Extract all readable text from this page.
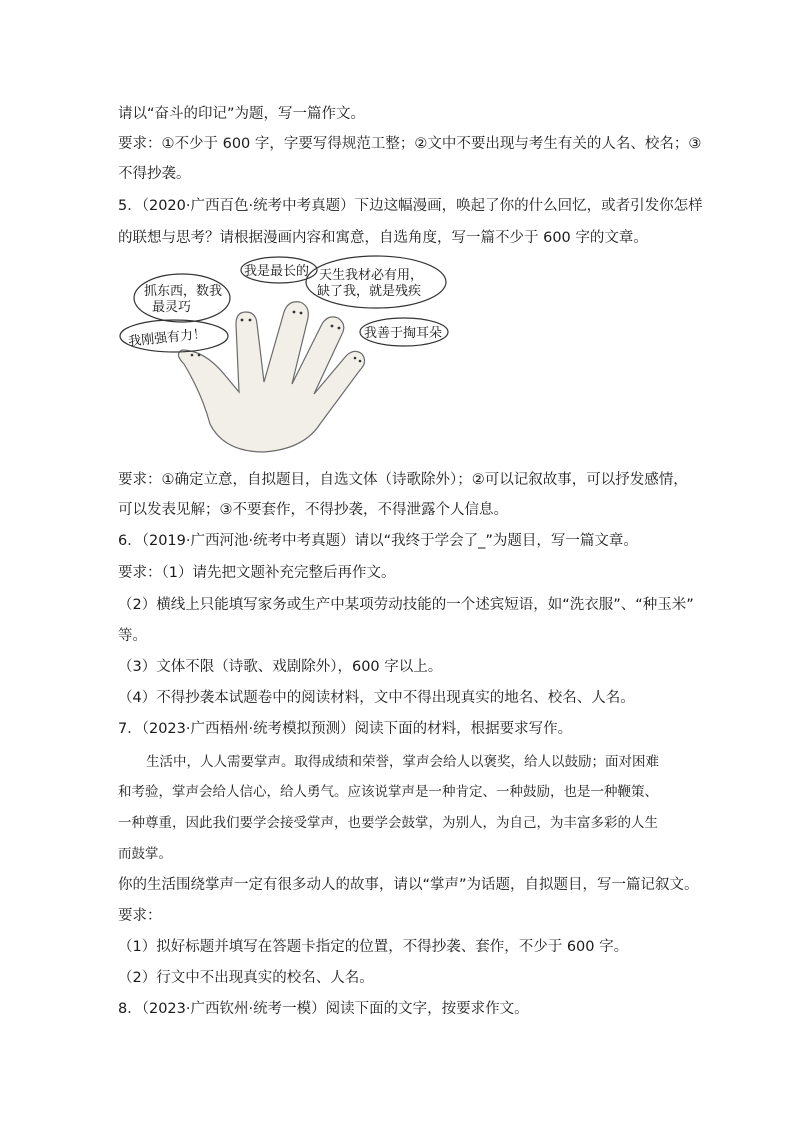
请以“奋斗的印记”为题，写一篇作文。
要求：①不少于 600 字，字要写得规范工整；②文中不要出现与考生有关的人名、校名；③
不得抄袭。
5．（2020·广西百色·统考中考真题）下边这幅漫画，唤起了你的什么回忆，或者引发你怎样
的联想与思考？请根据漫画内容和寓意，自选角度，写一篇不少于 600 字的文章。
抓东西，数我
最灵巧
我是最长的 天生我材必有用，
缺了我，就是残疾
我刚强有力！	我善于掏耳朵
要求：①确定立意，自拟题目，自选文体（诗歌除外）；②可以记叙故事，可以抒发感情，
可以发表见解；③不要套作，不得抄袭，不得泄露个人信息。
6．（2019·广西河池·统考中考真题）请以“我终于学会了_”为题目，写一篇文章。
要求：（1）请先把文题补充完整后再作文。
（2）横线上只能填写家务或生产中某项劳动技能的一个述宾短语，如“洗衣服”、“种玉米”
等。
（3）文体不限（诗歌、戏剧除外），600 字以上。
（4）不得抄袭本试题卷中的阅读材料，文中不得出现真实的地名、校名、人名。
7．（2023·广西梧州·统考模拟预测）阅读下面的材料，根据要求写作。
生活中，人人需要掌声。取得成绩和荣誉，掌声会给人以褒奖，给人以鼓励；面对困难
和考验，掌声会给人信心，给人勇气。应该说掌声是一种肯定、一种鼓励，也是一种鞭策、
一种尊重，因此我们要学会接受掌声，也要学会鼓掌，为别人，为自己，为丰富多彩的人生
而鼓掌。
你的生活围绕掌声一定有很多动人的故事，请以“掌声”为话题，自拟题目，写一篇记叙文。
要求：
（1）拟好标题并填写在答题卡指定的位置，不得抄袭、套作，不少于 600 字。
（2）行文中不出现真实的校名、人名。
8．（2023·广西钦州·统考一模）阅读下面的文字，按要求作文。
